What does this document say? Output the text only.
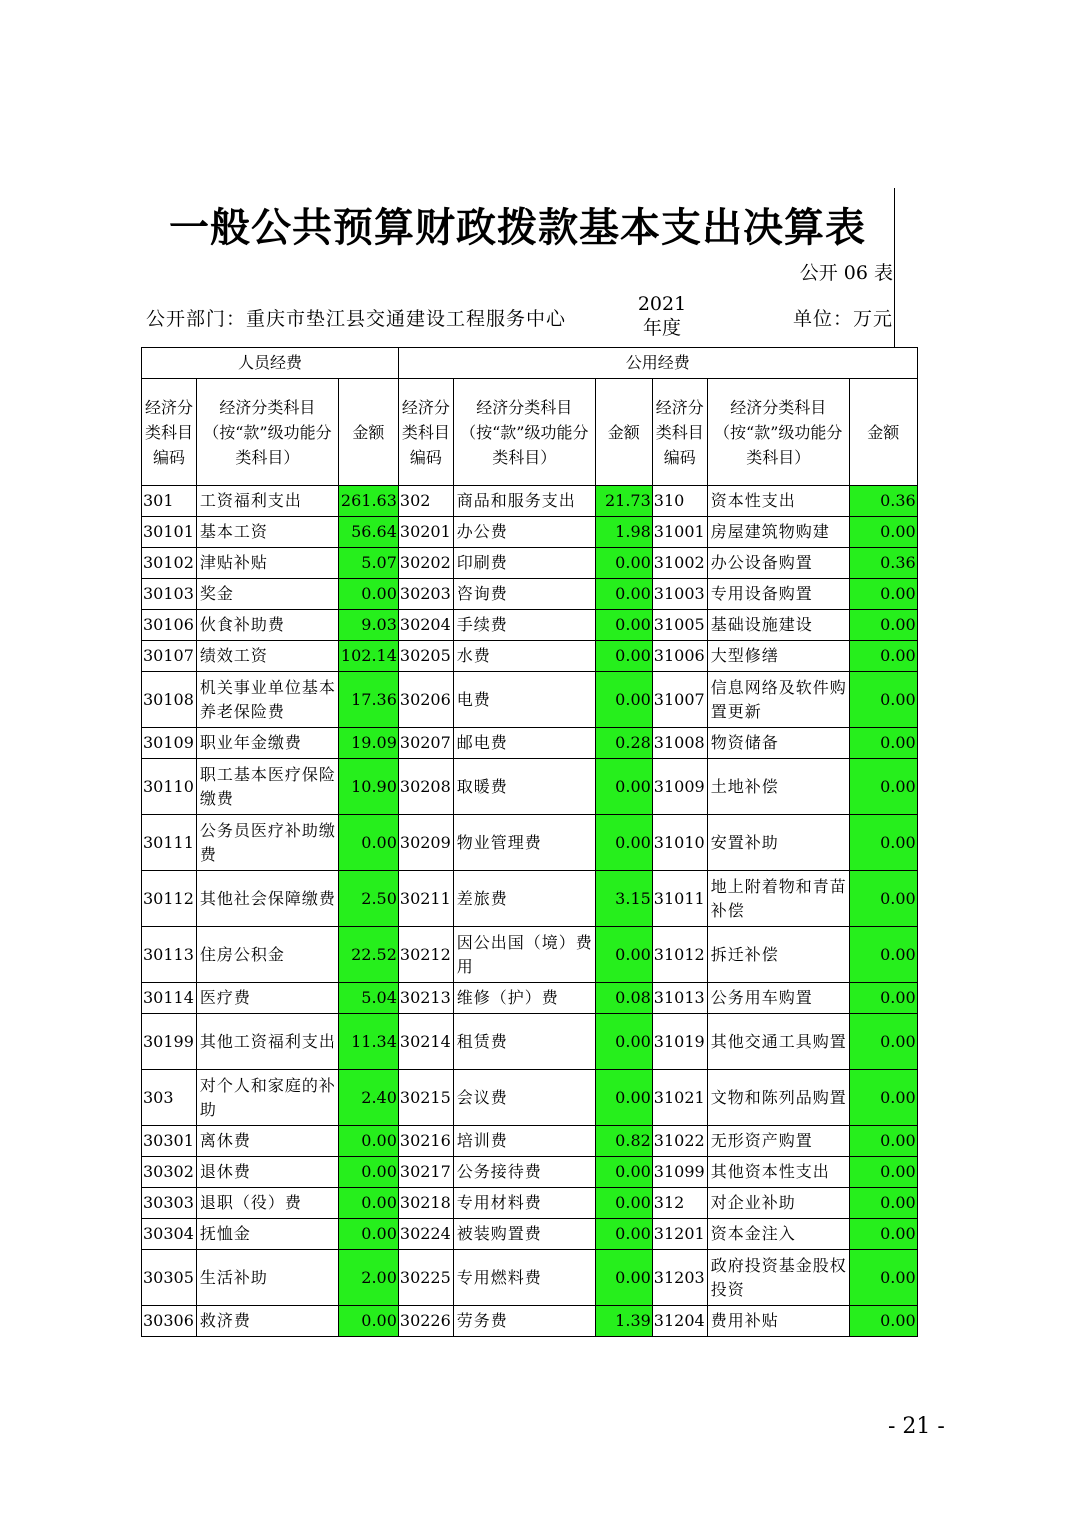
一般公共预算财政拨款基本支出决算表
公开 06 表
公开部门：重庆市垫江县交通建设工程服务中心
2021年度	单位：万元
人员经费			公用经费					
经济分类科目编码	经济分类科目（按“款”级功能分类科目）	金额	经济分类科目编码	经济分类科目（按“款”级功能分类科目）	金额	经济分类科目编码	经济分类科目（按“款”级功能分类科目）	金额
301	工资福利支出	261.63	302	商品和服务支出	21.73	310	资本性支出	0.36
30101	基本工资	56.64	30201	办公费	1.98	31001	房屋建筑物购建	0.00
30102	津贴补贴	5.07	30202	印刷费	0.00	31002	办公设备购置	0.36
30103	奖金	0.00	30203	咨询费	0.00	31003	专用设备购置	0.00
30106	伙食补助费	9.03	30204	手续费	0.00	31005	基础设施建设	0.00
30107	绩效工资	102.14	30205	水费	0.00	31006	大型修缮	0.00
30108	机关事业单位基本养老保险费	17.36	30206	电费	0.00	31007	信息网络及软件购置更新	0.00
30109	职业年金缴费	19.09	30207	邮电费	0.28	31008	物资储备	0.00
30110	职工基本医疗保险缴费	10.90	30208	取暖费	0.00	31009	土地补偿	0.00
30111	公务员医疗补助缴费	0.00	30209	物业管理费	0.00	31010	安置补助	0.00
30112	其他社会保障缴费	2.50	30211	差旅费	3.15	31011	地上附着物和青苗补偿	0.00
30113	住房公积金	22.52	30212	因公出国（境）费用	0.00	31012	拆迁补偿	0.00
30114	医疗费	5.04	30213	维修（护）费	0.08	31013	公务用车购置	0.00
30199	其他工资福利支出	11.34	30214	租赁费	0.00	31019	其他交通工具购置	0.00
303	对个人和家庭的补助	2.40	30215	会议费	0.00	31021	文物和陈列品购置	0.00
30301	离休费	0.00	30216	培训费	0.82	31022	无形资产购置	0.00
30302	退休费	0.00	30217	公务接待费	0.00	31099	其他资本性支出	0.00
30303	退职（役）费	0.00	30218	专用材料费	0.00	312	对企业补助	0.00
30304	抚恤金	0.00	30224	被装购置费	0.00	31201	资本金注入	0.00
30305	生活补助	2.00	30225	专用燃料费	0.00	31203	政府投资基金股权投资	0.00
30306	救济费	0.00	30226	劳务费	1.39	31204	费用补贴	0.00
- 21 -
